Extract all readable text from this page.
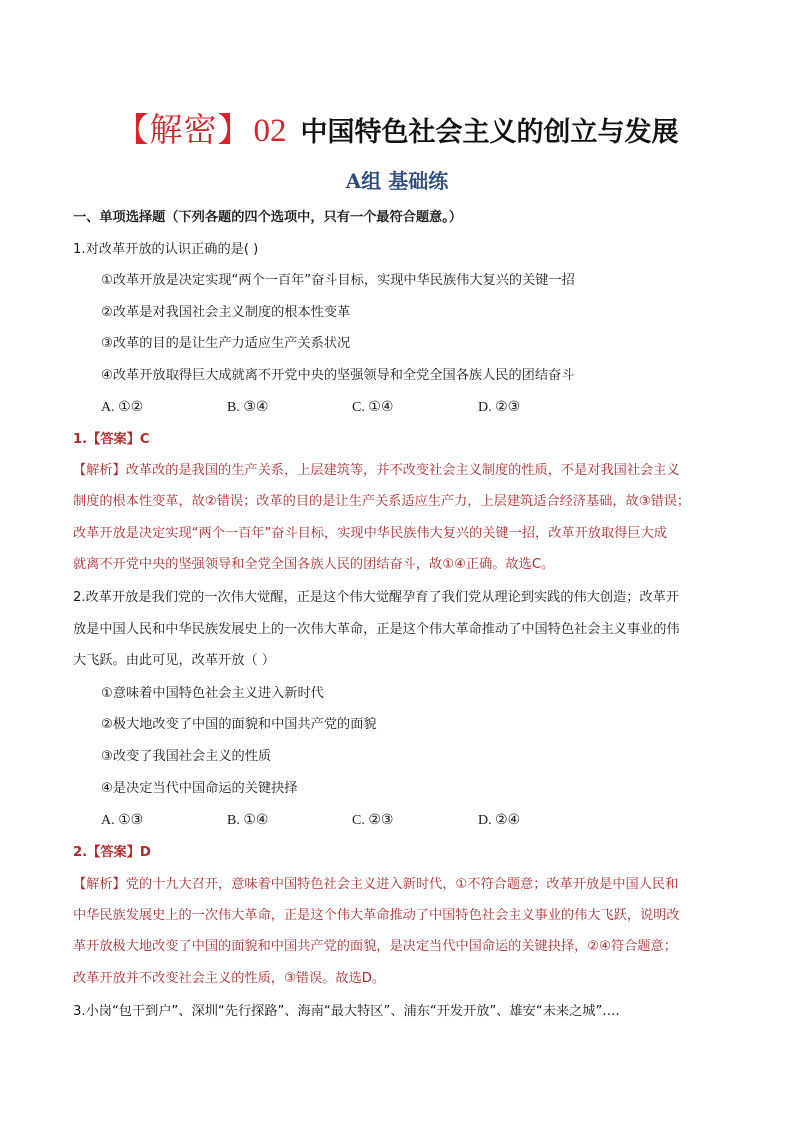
【解密】02 中国特色社会主义的创立与发展
A组 基础练
一、单项选择题（下列各题的四个选项中，只有一个最符合题意。）
1.对改革开放的认识正确的是( )
①改革开放是决定实现“两个一百年”奋斗目标，实现中华民族伟大复兴的关键一招
②改革是对我国社会主义制度的根本性变革
③改革的目的是让生产力适应生产关系状况
④改革开放取得巨大成就离不开党中央的坚强领导和全党全国各族人民的团结奋斗
A. ①②	B. ③④	C. ①④	D. ②③
1.【答案】C
【解析】改革改的是我国的生产关系，上层建筑等，并不改变社会主义制度的性质，不是对我国社会主义
制度的根本性变革，故②错误；改革的目的是让生产关系适应生产力，上层建筑适合经济基础，故③错误；
改革开放是决定实现“两个一百年”奋斗目标，实现中华民族伟大复兴的关键一招，改革开放取得巨大成
就离不开党中央的坚强领导和全党全国各族人民的团结奋斗，故①④正确。故选C。
2.改革开放是我们党的一次伟大觉醒，正是这个伟大觉醒孕育了我们党从理论到实践的伟大创造；改革开
放是中国人民和中华民族发展史上的一次伟大革命，正是这个伟大革命推动了中国特色社会主义事业的伟
大飞跃。由此可见，改革开放（ ）
①意味着中国特色社会主义进入新时代
②极大地改变了中国的面貌和中国共产党的面貌
③改变了我国社会主义的性质
④是决定当代中国命运的关键抉择
A. ①③	B. ①④	C. ②③	D. ②④
2.【答案】D
【解析】党的十九大召开，意味着中国特色社会主义进入新时代，①不符合题意；改革开放是中国人民和
中华民族发展史上的一次伟大革命，正是这个伟大革命推动了中国特色社会主义事业的伟大飞跃，说明改
革开放极大地改变了中国的面貌和中国共产党的面貌，是决定当代中国命运的关键抉择，②④符合题意；
改革开放并不改变社会主义的性质，③错误。故选D。
3.小岗“包干到户”、深圳“先行探路”、海南“最大特区”、浦东“开发开放”、雄安“未来之城”….
